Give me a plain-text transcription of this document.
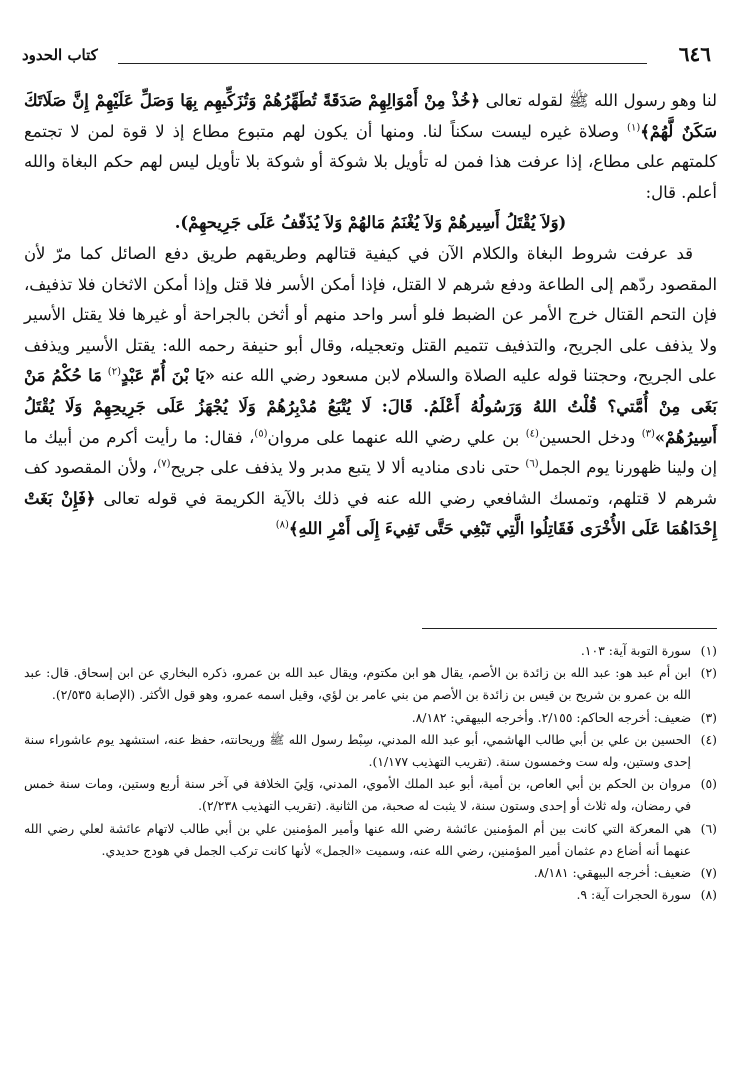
٦٤٦
كتاب الحدود

لنا وهو رسول الله ﷺ لقوله تعالى ﴿خُذْ مِنْ أَمْوَالِهِمْ صَدَقَةً تُطَهِّرُهُمْ وَتُزَكِّيهِم بِهَا وَصَلِّ عَلَيْهِمْ إِنَّ صَلَاتَكَ سَكَنٌ لَّهُمْ﴾$^{(١)}$ وصلاة غيره ليست سكناً لنا. ومنها أن يكون لهم متبوع مطاع إذ لا قوة لمن لا تجتمع كلمتهم على مطاع، إذا عرفت هذا فمن له تأويل بلا شوكة أو شوكة بلا تأويل ليس لهم حكم البغاة والله أعلم. قال:

(وَلاَ يُقْتَلُ أَسِيرهُمْ وَلاَ يُغْنَمُ مَالهُمْ وَلاَ يُذَفّفُ عَلَى جَرِيحهِمْ).

قد عرفت شروط البغاة والكلام الآن في كيفية قتالهم وطريقهم طريق دفع الصائل كما مرّ لأن المقصود ردّهم إلى الطاعة ودفع شرهم لا القتل، فإذا أمكن الأسر فلا قتل وإذا أمكن الاثخان فلا تذفيف، فإن التحم القتال خرج الأمر عن الضبط فلو أسر واحد منهم أو أثخن بالجراحة أو غيرها فلا يقتل الأسير ولا يذفف على الجريح، والتذفيف تتميم القتل وتعجيله، وقال أبو حنيفة رحمه الله: يقتل الأسير ويذفف على الجريح، وحجتنا قوله عليه الصلاة والسلام لابن مسعود رضي الله عنه «يَا بْنَ أُمّ عَبْدٍ$^{(٢)}$ مَا حُكْمُ مَنْ بَغَى مِنْ أُمَّتي؟ قُلْتُ اللهُ وَرَسُولُهُ أَعْلَمُ. قَالَ: لَا يُتْبَعُ مُدْبِرُهُمْ وَلَا يُجْهَزُ عَلَى جَرِيحِهِمْ وَلَا يُقْتَلُ أَسِيرُهُمْ»$^{(٣)}$ ودخل الحسين$^{(٤)}$ بن علي رضي الله عنهما على مروان$^{(٥)}$، فقال: ما رأيت أكرم من أبيك ما إن ولينا ظهورنا يوم الجمل$^{(٦)}$ حتى نادى مناديه ألا لا يتبع مدبر ولا يذفف على جريح$^{(٧)}$، ولأن المقصود كف شرهم لا قتلهم، وتمسك الشافعي رضي الله عنه في ذلك بالآية الكريمة في قوله تعالى ﴿فَإِنْ بَغَتْ إِحْدَاهُمَا عَلَى الأُخْرَى فَقَاتِلُوا الَّتِي تَبْغِي حَتَّى تَفِيءَ إِلَى أَمْرِ اللهِ﴾$^{(٨)}$

(١)
سورة التوبة آية: ١٠٣.
(٢)
ابن أم عبد هو: عبد الله بن زائدة بن الأصم، يقال هو ابن مكتوم، ويقال عبد الله بن عمرو، ذكره البخاري عن ابن إسحاق. قال: عبد الله بن عمرو بن شريح بن قيس بن زائدة بن الأصم من بني عامر بن لؤي، وقيل اسمه عمرو، وهو قول الأكثر. (الإصابة ٢/٥٣٥).
(٣)
ضعيف: أخرجه الحاكم: ٢/١٥٥. وأخرجه البيهقي: ٨/١٨٢.
(٤)
الحسين بن علي بن أبي طالب الهاشمي، أبو عبد الله المدني، سِبْط رسول الله ﷺ وريحانته، حفظ عنه، استشهد يوم عاشوراء سنة إحدى وستين، وله ست وخمسون سنة. (تقريب التهذيب ١/١٧٧).
(٥)
مروان بن الحكم بن أبي العاص، بن أمية، أبو عبد الملك الأموي، المدني، وَلِيَ الخلافة في آخر سنة أربع وستين، ومات سنة خمس في رمضان، وله ثلاث أو إحدى وستون سنة، لا يثبت له صحبة، من الثانية. (تقريب التهذيب ٢/٢٣٨).
(٦)
هي المعركة التي كانت بين أم المؤمنين عائشة رضي الله عنها وأمير المؤمنين علي بن أبي طالب لاتهام عائشة لعلي رضي الله عنهما أنه أضاع دم عثمان أمير المؤمنين، رضي الله عنه، وسميت «الجمل» لأنها كانت تركب الجمل في هودج حديدي.
(٧)
ضعيف: أخرجه البيهقي: ٨/١٨١.
(٨)
سورة الحجرات آية: ٩.
